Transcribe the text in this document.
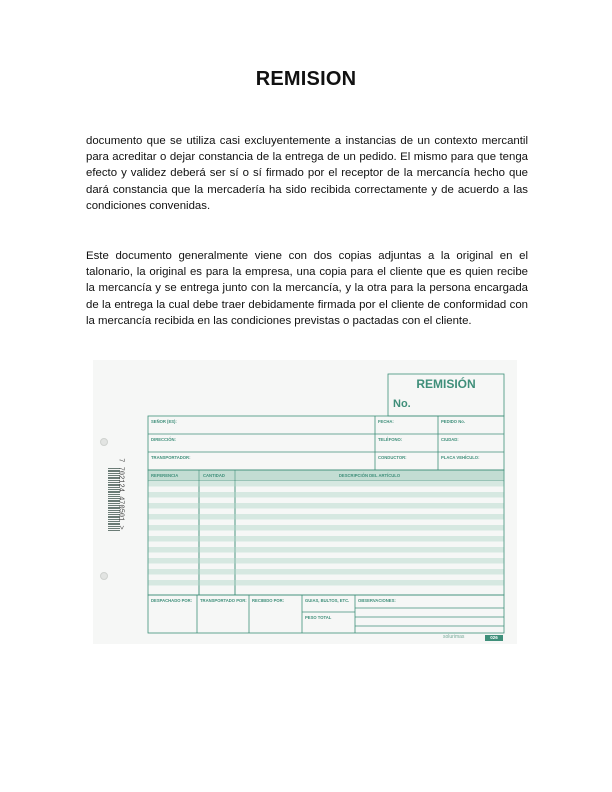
REMISION
documento que se utiliza casi excluyentemente a instancias de un contexto mercantil para acreditar o dejar constancia de la entrega de un pedido. El mismo para que tenga efecto y validez deberá ser sí o sí firmado por el receptor de la mercancía hecho que dará constancia que la mercadería ha sido recibida correctamente y de acuerdo a las condiciones convenidas.
Este documento generalmente viene con dos copias adjuntas a la original en el talonario, la original es para la empresa, una copia para el cliente que es quien recibe la mercancía y se entrega junto con la mercancía, y la otra para la persona encargada de la entrega la cual debe traer debidamente firmada por el cliente de conformidad con la mercancía recibida en las condiciones previstas o pactadas con el cliente.
7 702124 470501 >
REMISIÓN
No.
SEÑOR (ES):	FECHA:	PEDIDO No.
DIRECCIÓN:	TELÉFONO:	CIUDAD:
TRANSPORTADOR:	CONDUCTOR:	PLACA VEHÍCULO:
REFERENCIA	CANTIDAD	DESCRIPCIÓN DEL ARTÍCULO
DESPACHADO POR: TRANSPORTADO POR: RECIBIDO POR:	GUIAS, BULTOS, ETC. OBSERVACIONES:
PESO TOTAL
solurimas	026
